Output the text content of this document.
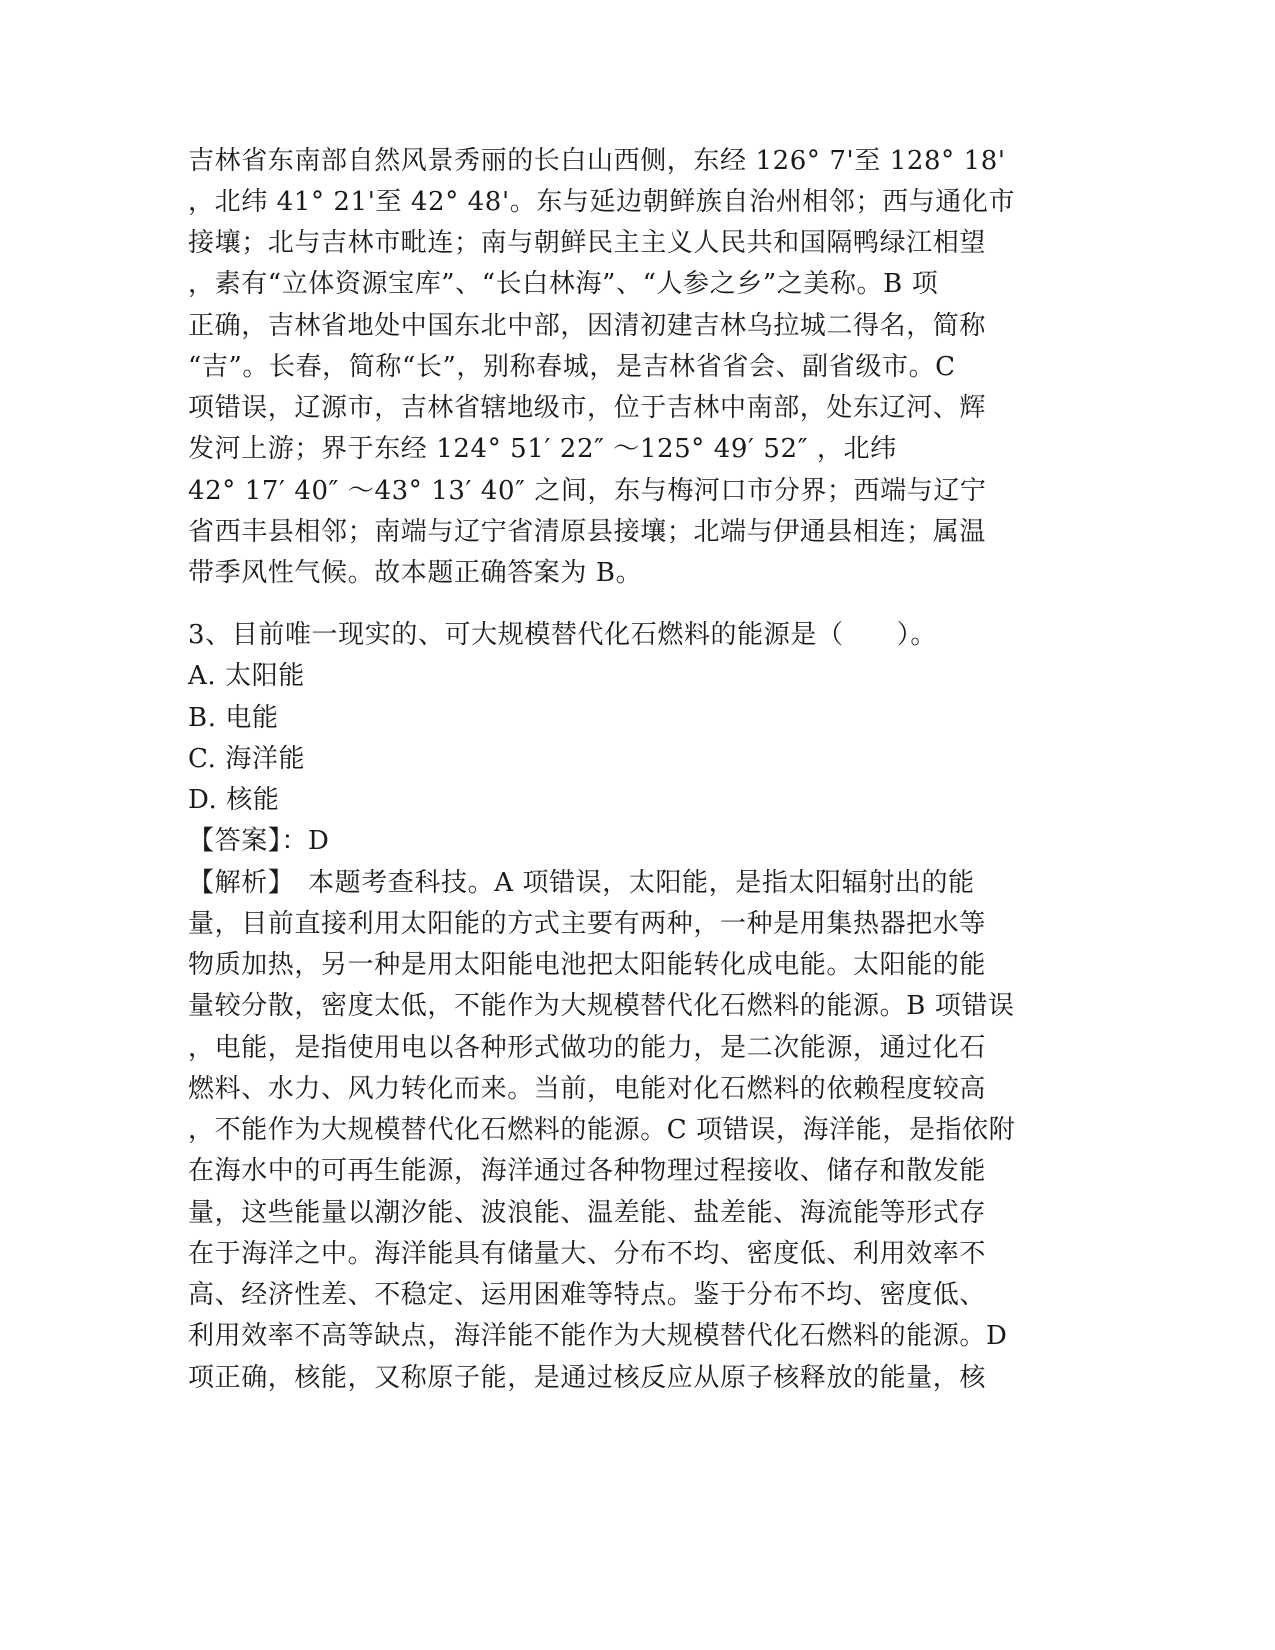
吉林省东南部自然风景秀丽的长白山西侧，东经 126° 7'至 128° 18'
，北纬 41° 21'至 42° 48'。东与延边朝鲜族自治州相邻；西与通化市
接壤；北与吉林市毗连；南与朝鲜民主主义人民共和国隔鸭绿江相望
，素有“立体资源宝库”、“长白林海”、“人参之乡”之美称。B 项
正确，吉林省地处中国东北中部，因清初建吉林乌拉城二得名，简称
“吉”。长春，简称“长”，别称春城，是吉林省省会、副省级市。C
项错误，辽源市，吉林省辖地级市，位于吉林中南部，处东辽河、辉
发河上游；界于东经 124° 51′ 22″ ～125° 49′ 52″ ，北纬
42° 17′ 40″ ～43° 13′ 40″ 之间，东与梅河口市分界；西端与辽宁
省西丰县相邻；南端与辽宁省清原县接壤；北端与伊通县相连；属温
带季风性气候。故本题正确答案为 B。
3、目前唯一现实的、可大规模替代化石燃料的能源是（　　）。
A. 太阳能
B. 电能
C. 海洋能
D. 核能
【答案】：D
【解析】　本题考查科技。A 项错误，太阳能，是指太阳辐射出的能
量，目前直接利用太阳能的方式主要有两种，一种是用集热器把水等
物质加热，另一种是用太阳能电池把太阳能转化成电能。太阳能的能
量较分散，密度太低，不能作为大规模替代化石燃料的能源。B 项错误
，电能，是指使用电以各种形式做功的能力，是二次能源，通过化石
燃料、水力、风力转化而来。当前，电能对化石燃料的依赖程度较高
，不能作为大规模替代化石燃料的能源。C 项错误，海洋能，是指依附
在海水中的可再生能源，海洋通过各种物理过程接收、储存和散发能
量，这些能量以潮汐能、波浪能、温差能、盐差能、海流能等形式存
在于海洋之中。海洋能具有储量大、分布不均、密度低、利用效率不
高、经济性差、不稳定、运用困难等特点。鉴于分布不均、密度低、
利用效率不高等缺点，海洋能不能作为大规模替代化石燃料的能源。D
项正确，核能，又称原子能，是通过核反应从原子核释放的能量，核
